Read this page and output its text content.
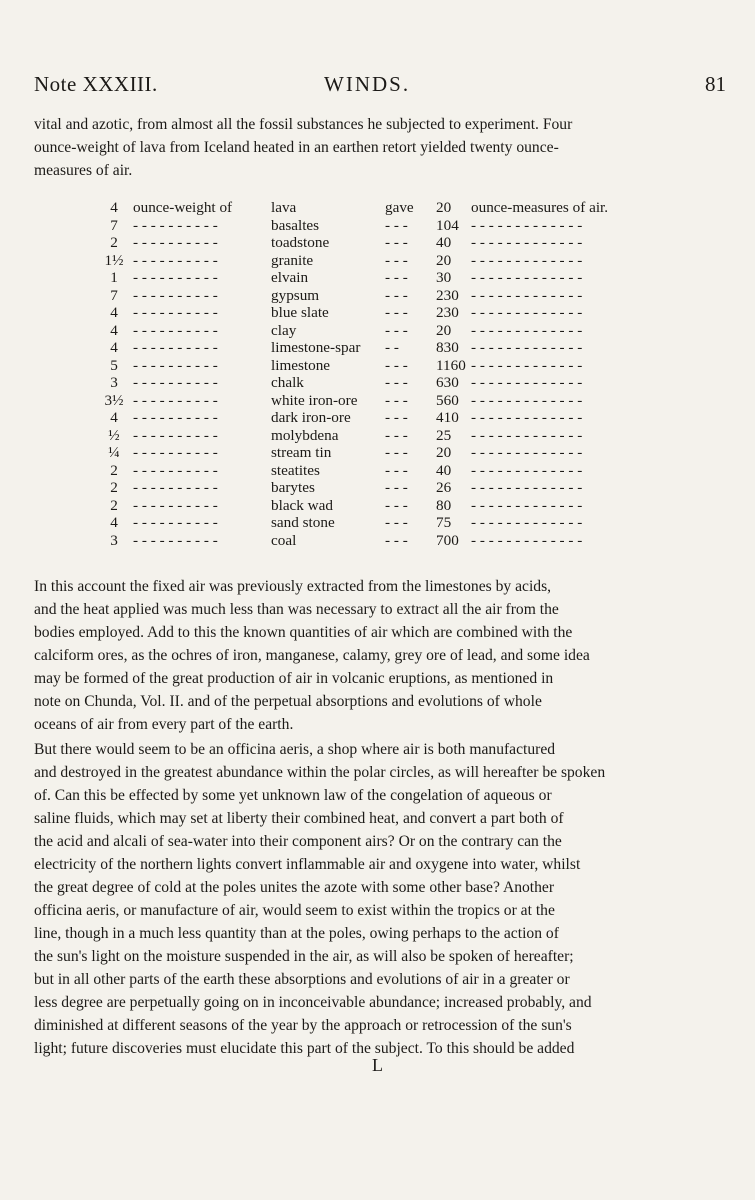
Note XXXIII.	WINDS.	81
vital and azotic, from almost all the fossil substances he subjected to experiment. Four
ounce-weight of lava from Iceland heated in an earthen retort yielded twenty ounce-
measures of air.
4	ounce-weight of	lava	gave 20 ounce-measures of air.
7	- - - - - - - - - -	basaltes	- - - 104 - - - - - - - - - - - - -
2	- - - - - - - - - -	toadstone	- - - 40 - - - - - - - - - - - - -
1½ - - - - - - - - - -	granite	- - - 20 - - - - - - - - - - - - -
1	- - - - - - - - - -	elvain	- - - 30 - - - - - - - - - - - - -
7	- - - - - - - - - -	gypsum	- - - 230 - - - - - - - - - - - - -
4	- - - - - - - - - -	blue slate	- - - 230 - - - - - - - - - - - - -
4	- - - - - - - - - -	clay	- - - 20 - - - - - - - - - - - - -
4	- - - - - - - - - -	limestone-spar - - 830 - - - - - - - - - - - - -
5	- - - - - - - - - -	limestone	- - - 1160 - - - - - - - - - - - - -
3	- - - - - - - - - -	chalk	- - - 630 - - - - - - - - - - - - -
3½ - - - - - - - - - -	white iron-ore - - - 560 - - - - - - - - - - - - -
4	- - - - - - - - - -	dark iron-ore - - - 410 - - - - - - - - - - - - -
½ - - - - - - - - - -	molybdena	- - - 25 - - - - - - - - - - - - -
¼ - - - - - - - - - -	stream tin	- - - 20 - - - - - - - - - - - - -
2	- - - - - - - - - -	steatites	- - - 40 - - - - - - - - - - - - -
2	- - - - - - - - - -	barytes	- - - 26 - - - - - - - - - - - - -
2	- - - - - - - - - -	black wad	- - - 80 - - - - - - - - - - - - -
4	- - - - - - - - - -	sand stone	- - - 75 - - - - - - - - - - - - -
3	- - - - - - - - - -	coal	- - - 700 - - - - - - - - - - - - -
In this account the fixed air was previously extracted from the limestones by acids,
and the heat applied was much less than was necessary to extract all the air from the
bodies employed. Add to this the known quantities of air which are combined with the
calciform ores, as the ochres of iron, manganese, calamy, grey ore of lead, and some idea
may be formed of the great production of air in volcanic eruptions, as mentioned in
note on Chunda, Vol. II. and of the perpetual absorptions and evolutions of whole
oceans of air from every part of the earth.
But there would seem to be an officina aeris, a shop where air is both manufactured
and destroyed in the greatest abundance within the polar circles, as will hereafter be spoken
of. Can this be effected by some yet unknown law of the congelation of aqueous or
saline fluids, which may set at liberty their combined heat, and convert a part both of
the acid and alcali of sea-water into their component airs? Or on the contrary can the
electricity of the northern lights convert inflammable air and oxygene into water, whilst
the great degree of cold at the poles unites the azote with some other base? Another
officina aeris, or manufacture of air, would seem to exist within the tropics or at the
line, though in a much less quantity than at the poles, owing perhaps to the action of
the sun's light on the moisture suspended in the air, as will also be spoken of hereafter;
but in all other parts of the earth these absorptions and evolutions of air in a greater or
less degree are perpetually going on in inconceivable abundance; increased probably, and
diminished at different seasons of the year by the approach or retrocession of the sun's
light; future discoveries must elucidate this part of the subject. To this should be added
L
